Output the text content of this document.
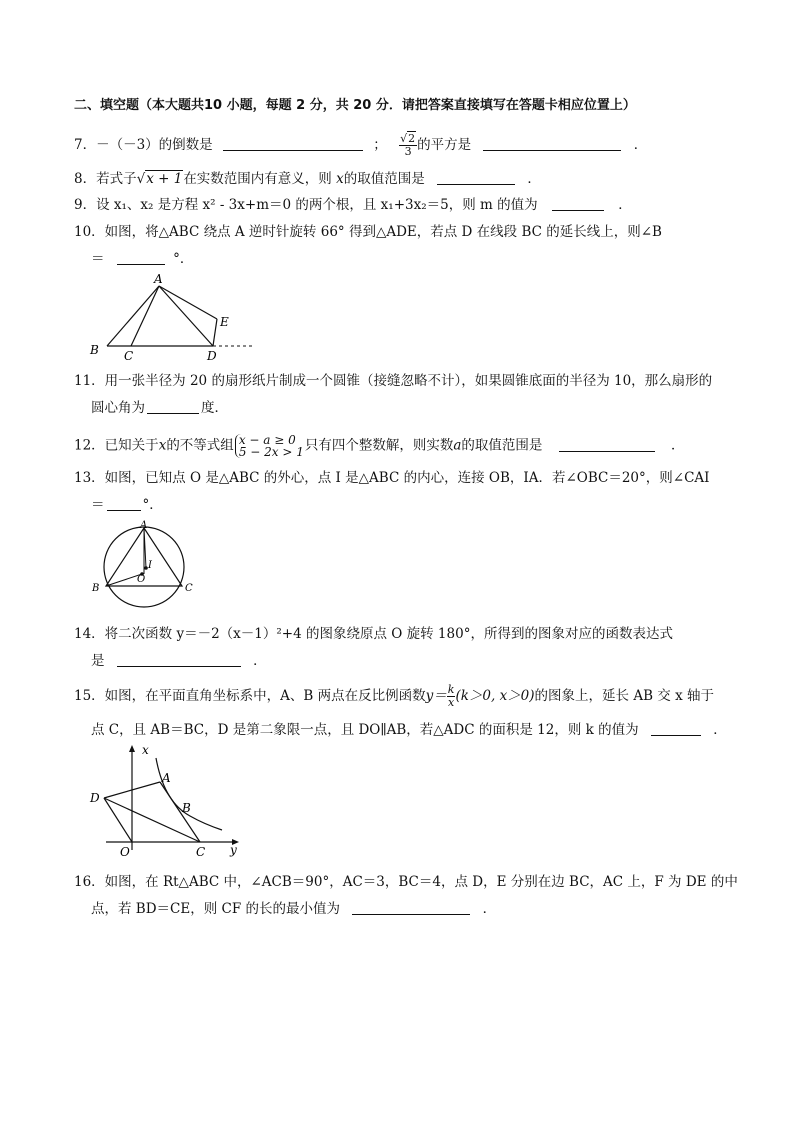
二、填空题（本大题共10 小题，每题 2 分，共 20 分．请把答案直接填写在答题卡相应位置上）
7．－（－3）的倒数是	； $\frac{√2}{3}$ 的平方是	．
8．若式子√x + 1在实数范围内有意义，则 x的取值范围是	．
9．设 x₁、x₂ 是方程 x² - 3x+m＝0 的两个根，且 x₁+3x₂＝5，则 m 的值为	．
10．如图，将△ABC 绕点 A 逆时针旋转 66° 得到△ADE，若点 D 在线段 BC 的延长线上，则∠B
＝	°．
A
B C	D
E
11．用一张半径为 20 的扇形纸片制成一个圆锥（接缝忽略不计），如果圆锥底面的半径为 10，那么扇形的
圆心角为	度．
12．已知关于x的不等式组 x − a ≥ 0
5 − 2x > 1 只有四个整数解，则实数a的取值范围是	．
13．如图，已知点 O 是△ABC 的外心，点 I 是△ABC 的内心，连接 OB，IA．若∠OBC＝20°，则∠CAI
＝	°．
A
B	C
I
O
14．将二次函数 y＝－2（x－1）²+4 的图象绕原点 O 旋转 180°，所得到的图象对应的函数表达式
是	．
15．如图，在平面直角坐标系中，A、B 两点在反比例函数$y= \frac{k}{x} (k>0$, x＞0)的图象上，延长 AB 交 x 轴于
点 C，且 AB＝BC，D 是第二象限一点，且 DO∥AB，若△ADC 的面积是 12，则 k 的值为	．
x
y
A
B
C
D
O
16．如图，在 Rt△ABC 中，∠ACB＝90°，AC＝3，BC＝4，点 D，E 分别在边 BC，AC 上，F 为 DE 的中
点，若 BD＝CE，则 CF 的长的最小值为	．
